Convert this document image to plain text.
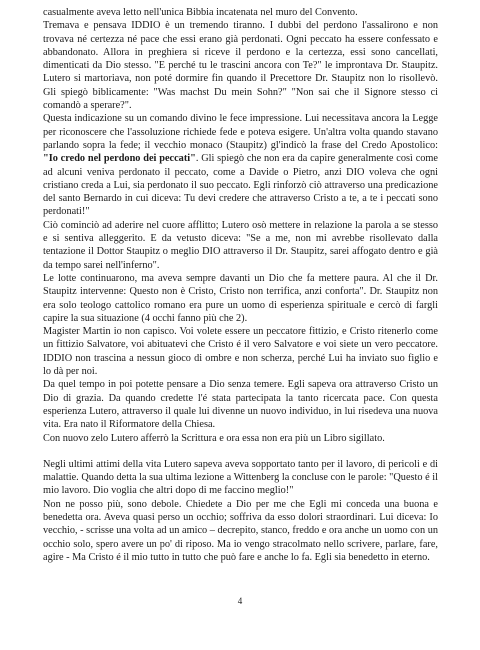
casualmente aveva letto nell'unica Bibbia incatenata nel muro del Convento.

Tremava e pensava IDDIO è un tremendo tiranno. I dubbi del perdono l'assalirono e non trovava né certezza né pace che essi erano già perdonati. Ogni peccato ha essere confessato e abbandonato. Allora in preghiera si riceve il perdono e la certezza, essi sono cancellati, dimenticati da Dio stesso. "E perché tu le trascini ancora con Te?" le improntava Dr. Staupitz. Lutero si martoriava, non poté dormire fin quando il Precettore Dr. Staupitz non lo risollevò. Gli spiegò biblicamente: "Was machst Du mein Sohn?" "Non sai che il Signore stesso ci comandò a sperare?".

Questa indicazione su un comando divino le fece impressione. Lui necessitava ancora la Legge per riconoscere che l'assoluzione richiede fede e poteva esigere. Un'altra volta quando stavano parlando sopra la fede; il vecchio monaco (Staupitz) gl'indicò la frase del Credo Apostolico: "Io credo nel perdono dei peccati". Gli spiegò che non era da capire generalmente così come ad alcuni veniva perdonato il peccato, come a Davide o Pietro, anzi DIO voleva che ogni cristiano creda a Lui, sia perdonato il suo peccato. Egli rinforzò ciò attraverso una predicazione del santo Bernardo in cui diceva: Tu devi credere che attraverso Cristo a te, a te i peccati sono perdonati!"

Ciò cominciò ad aderire nel cuore afflitto; Lutero osò mettere in relazione la parola a se stesso e si sentiva alleggerito. E da vetusto diceva: "Se a me, non mi avrebbe risollevato dalla tentazione il Dottor Staupitz o meglio DIO attraverso il Dr. Staupitz, sarei affogato dentro e già da tempo sarei nell'inferno".

Le lotte continuarono, ma aveva sempre davanti un Dio che fa mettere paura. Al che il Dr. Staupitz intervenne: Questo non è Cristo, Cristo non terrifica, anzi conforta". Dr. Staupitz non era solo teologo cattolico romano era pure un uomo di esperienza spirituale e cercò di fargli capire la sua situazione (4 occhi fanno più che 2).

Magister Martin io non capisco. Voi volete essere un peccatore fittizio, e Cristo ritenerlo come un fittizio Salvatore, voi abituatevi che Cristo é il vero Salvatore e voi siete un vero peccatore. IDDIO non trascina a nessun gioco di ombre e non scherza, perché Lui ha inviato suo figlio e lo dà per noi.

Da quel tempo in poi potette pensare a Dio senza temere. Egli sapeva ora attraverso Cristo un Dio di grazia. Da quando credette l'é stata partecipata la tanto ricercata pace. Con questa esperienza Lutero, attraverso il quale lui divenne un nuovo individuo, in lui risedeva una nuova vita. Era nato il Riformatore della Chiesa.

Con nuovo zelo Lutero afferrò la Scrittura e ora essa non era più un Libro sigillato.

Negli ultimi attimi della vita Lutero sapeva aveva sopportato tanto per il lavoro, di pericoli e di malattie. Quando detta la sua ultima lezione a Wittenberg la concluse con le parole: "Questo é il mio lavoro. Dio voglia che altri dopo di me faccino meglio!"

Non ne posso più, sono debole. Chiedete a Dio per me che Egli mi conceda una buona e benedetta ora. Aveva quasi perso un occhio; soffriva da esso dolori straordinari. Lui diceva: Io vecchio, - scrisse una volta ad un amico – decrepito, stanco, freddo e ora anche un uomo con un occhio solo, spero avere un po' di riposo. Ma io vengo stracolmato nello scrivere, parlare, fare, agire - Ma Cristo é il mio tutto in tutto che può fare e anche lo fa. Egli sia benedetto in eterno.

4
